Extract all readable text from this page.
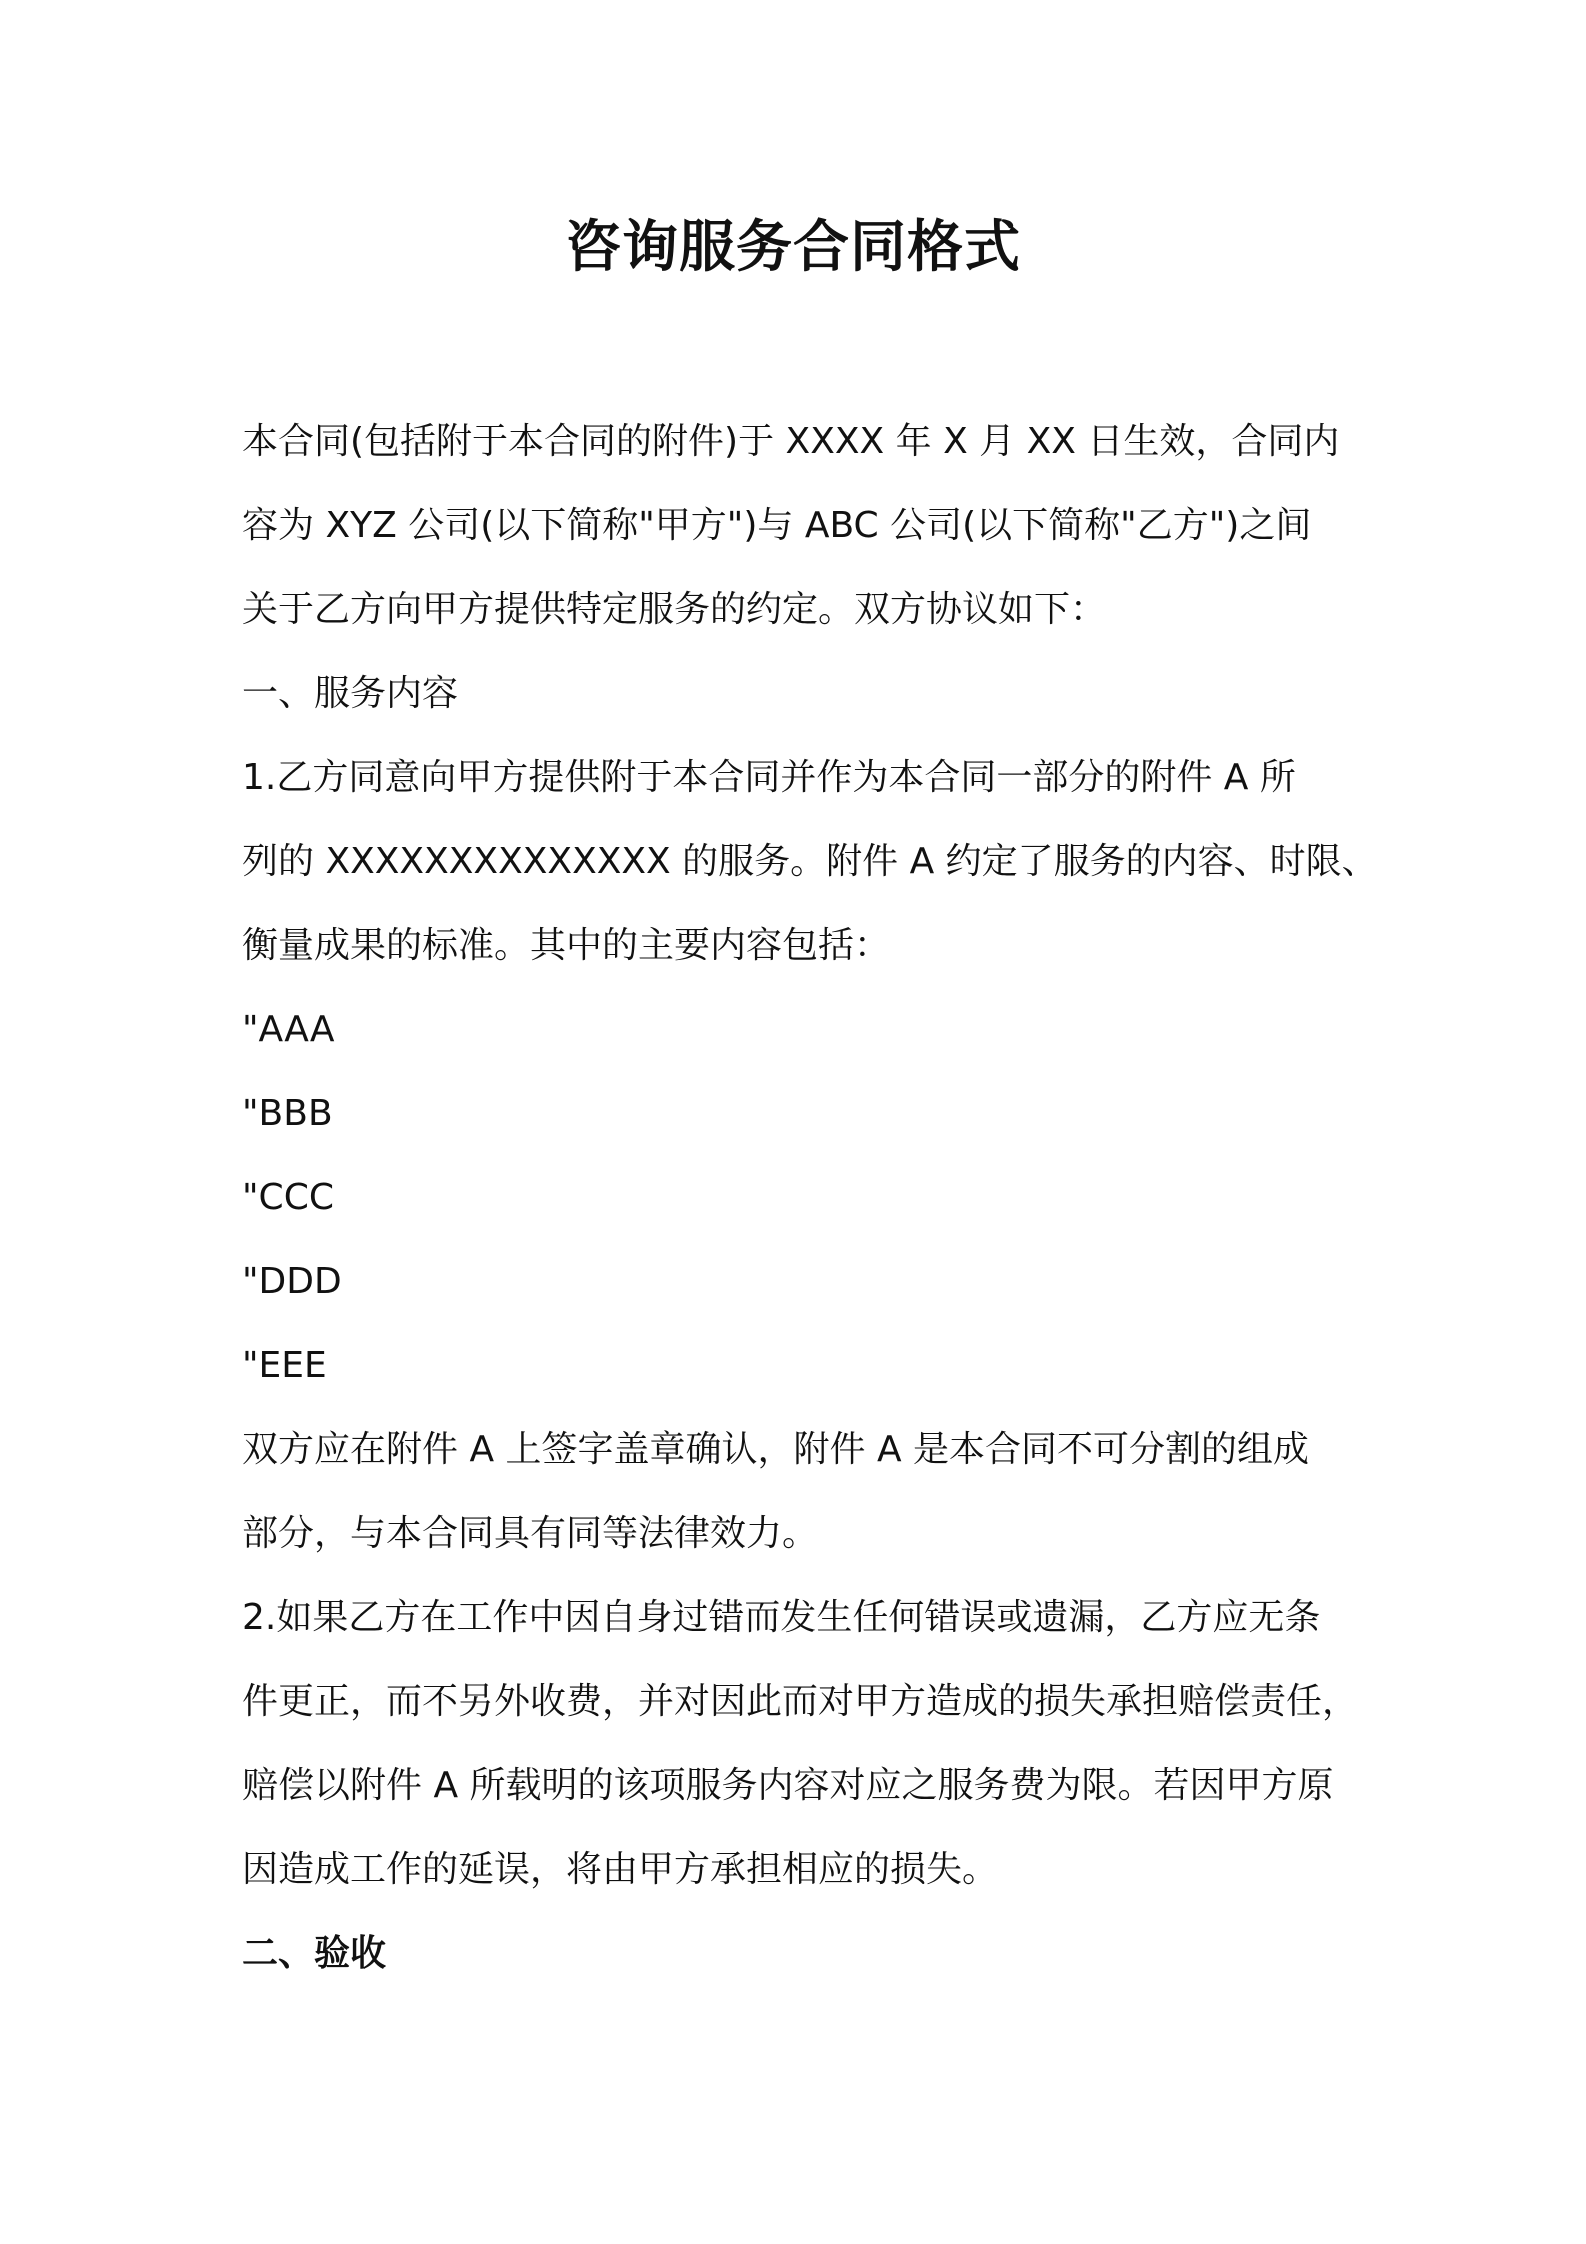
咨询服务合同格式

本合同(包括附于本合同的附件)于 XXXX 年 X 月 XX 日生效，合同内

容为 XYZ 公司(以下简称"甲方")与 ABC 公司(以下简称"乙方")之间

关于乙方向甲方提供特定服务的约定。双方协议如下：

一、服务内容

1.乙方同意向甲方提供附于本合同并作为本合同一部分的附件 A 所

列的 XXXXXXXXXXXXXX 的服务。附件 A 约定了服务的内容、时限、

衡量成果的标准。其中的主要内容包括：

"AAA

"BBB

"CCC

"DDD

"EEE

双方应在附件 A 上签字盖章确认，附件 A 是本合同不可分割的组成

部分，与本合同具有同等法律效力。

2.如果乙方在工作中因自身过错而发生任何错误或遗漏，乙方应无条

件更正，而不另外收费，并对因此而对甲方造成的损失承担赔偿责任，

赔偿以附件 A 所载明的该项服务内容对应之服务费为限。若因甲方原

因造成工作的延误，将由甲方承担相应的损失。

二、验收
